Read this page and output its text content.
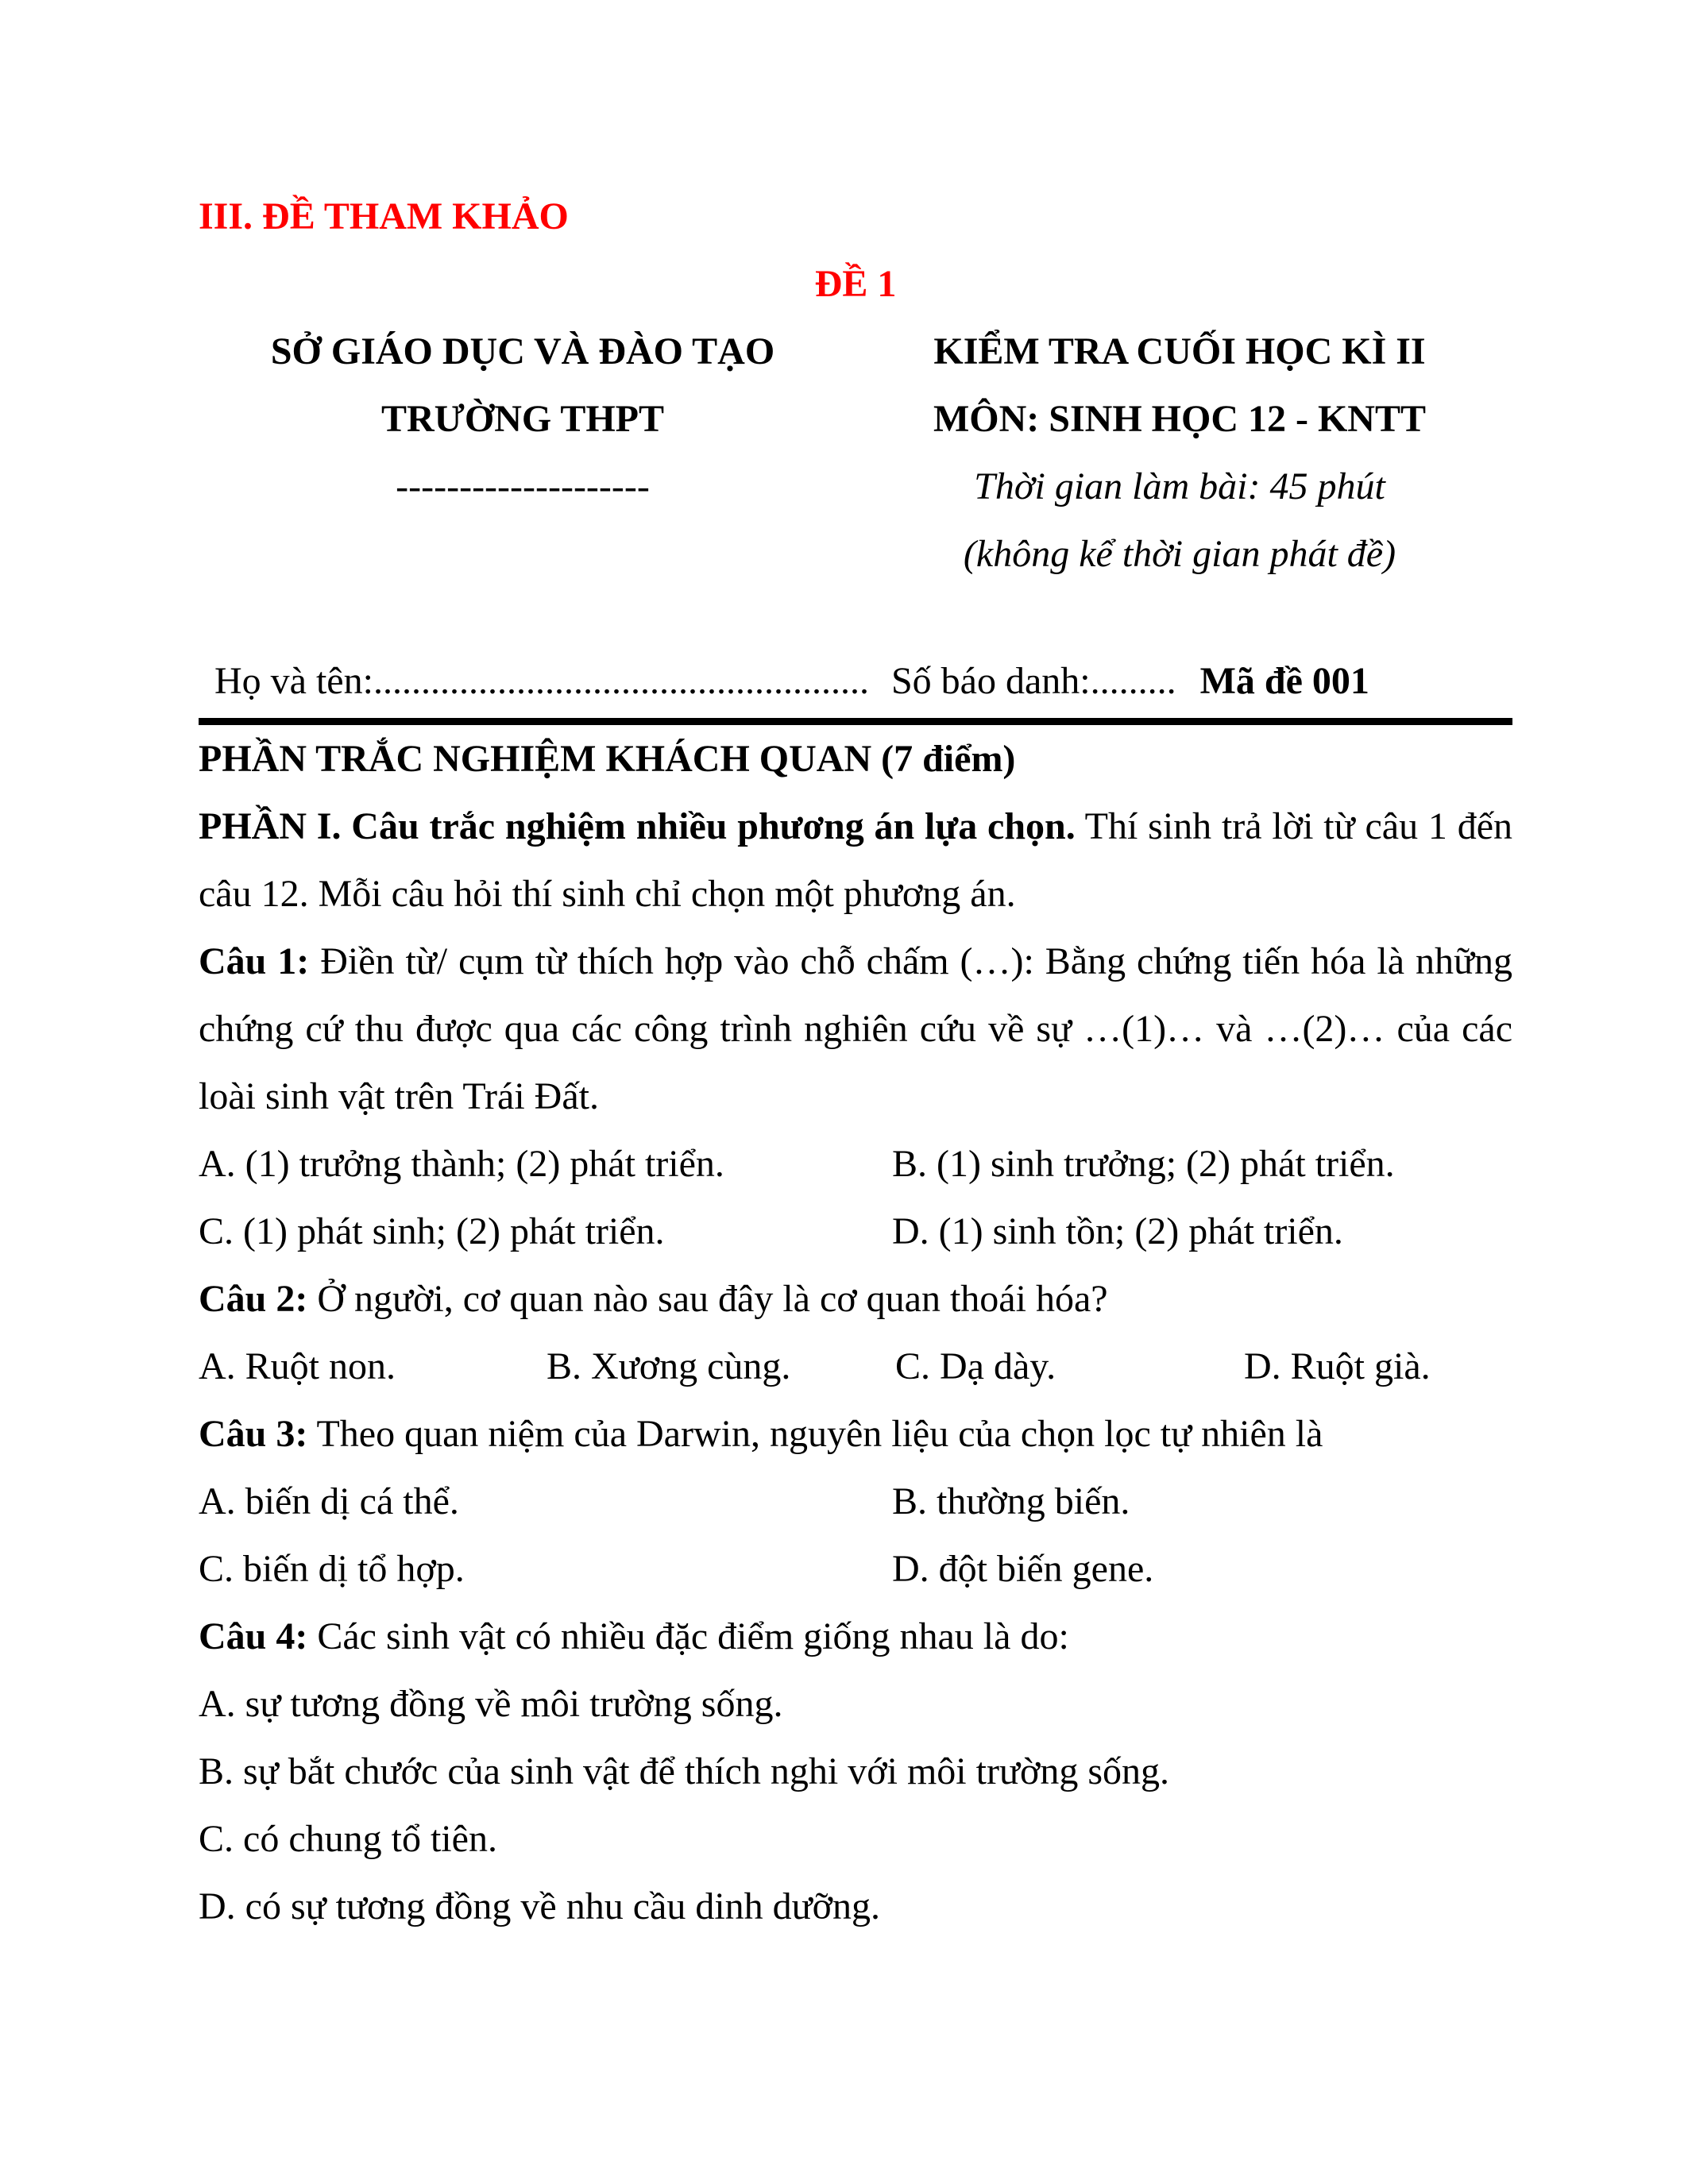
III. ĐỀ THAM KHẢO
ĐỀ 1
SỞ GIÁO DỤC VÀ ĐÀO TẠO
TRƯỜNG THPT
--------------------
KIỂM TRA CUỐI HỌC KÌ II
MÔN: SINH HỌC 12 - KNTT
Thời gian làm bài: 45 phút
(không kể thời gian phát đề)
Họ và tên:.................................................... Số báo danh:......... Mã đề 001
PHẦN TRẮC NGHIỆM KHÁCH QUAN (7 điểm)

PHẦN I. Câu trắc nghiệm nhiều phương án lựa chọn. Thí sinh trả lời từ câu 1 đến câu 12. Mỗi câu hỏi thí sinh chỉ chọn một phương án.

Câu 1: Điền từ/ cụm từ thích hợp vào chỗ chấm (…): Bằng chứng tiến hóa là những chứng cứ thu được qua các công trình nghiên cứu về sự …(1)… và …(2)… của các loài sinh vật trên Trái Đất.

A. (1) trưởng thành; (2) phát triển.	B. (1) sinh trưởng; (2) phát triển.
C. (1) phát sinh; (2) phát triển.	D. (1) sinh tồn; (2) phát triển.

Câu 2: Ở người, cơ quan nào sau đây là cơ quan thoái hóa?

A. Ruột non.	B. Xương cùng.	C. Dạ dày.	D. Ruột già.

Câu 3: Theo quan niệm của Darwin, nguyên liệu của chọn lọc tự nhiên là

A. biến dị cá thể.	B. thường biến.
C. biến dị tổ hợp.	D. đột biến gene.

Câu 4: Các sinh vật có nhiều đặc điểm giống nhau là do:

A. sự tương đồng về môi trường sống.
B. sự bắt chước của sinh vật để thích nghi với môi trường sống.
C. có chung tổ tiên.
D. có sự tương đồng về nhu cầu dinh dưỡng.
